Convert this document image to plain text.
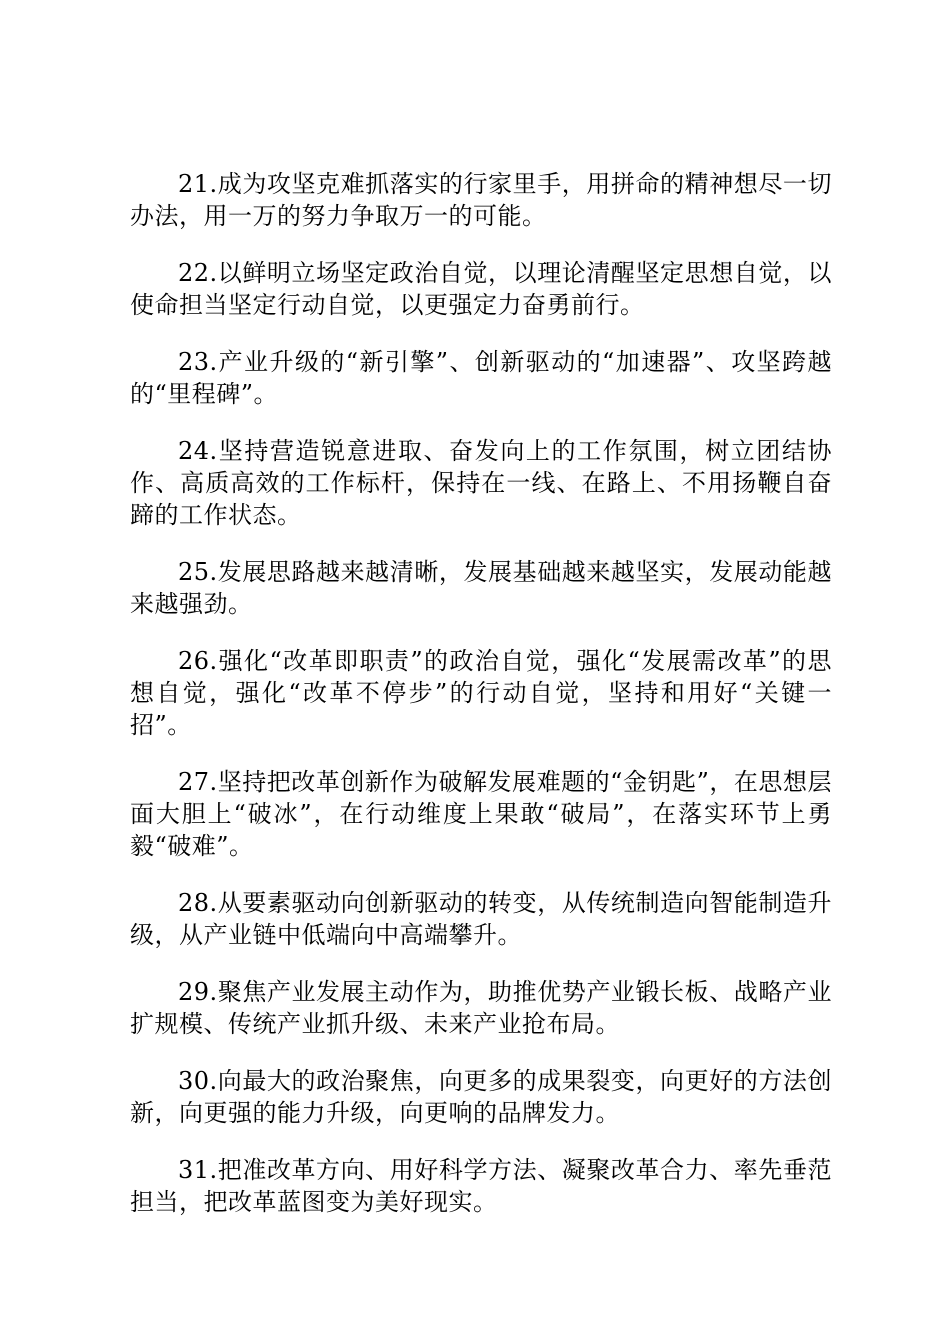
21.成为攻坚克难抓落实的行家里手，用拼命的精神想尽一切办法，用一万的努力争取万一的可能。

22.以鲜明立场坚定政治自觉，以理论清醒坚定思想自觉，以使命担当坚定行动自觉，以更强定力奋勇前行。

23.产业升级的“新引擎”、创新驱动的“加速器”、攻坚跨越的“里程碑”。

24.坚持营造锐意进取、奋发向上的工作氛围，树立团结协作、高质高效的工作标杆，保持在一线、在路上、不用扬鞭自奋蹄的工作状态。

25.发展思路越来越清晰，发展基础越来越坚实，发展动能越来越强劲。

26.强化“改革即职责”的政治自觉，强化“发展需改革”的思想自觉，强化“改革不停步”的行动自觉，坚持和用好“关键一招”。

27.坚持把改革创新作为破解发展难题的“金钥匙”，在思想层面大胆上“破冰”，在行动维度上果敢“破局”，在落实环节上勇毅“破难”。

28.从要素驱动向创新驱动的转变，从传统制造向智能制造升级，从产业链中低端向中高端攀升。

29.聚焦产业发展主动作为，助推优势产业锻长板、战略产业扩规模、传统产业抓升级、未来产业抢布局。

30.向最大的政治聚焦，向更多的成果裂变，向更好的方法创新，向更强的能力升级，向更响的品牌发力。

31.把准改革方向、用好科学方法、凝聚改革合力、率先垂范担当，把改革蓝图变为美好现实。
